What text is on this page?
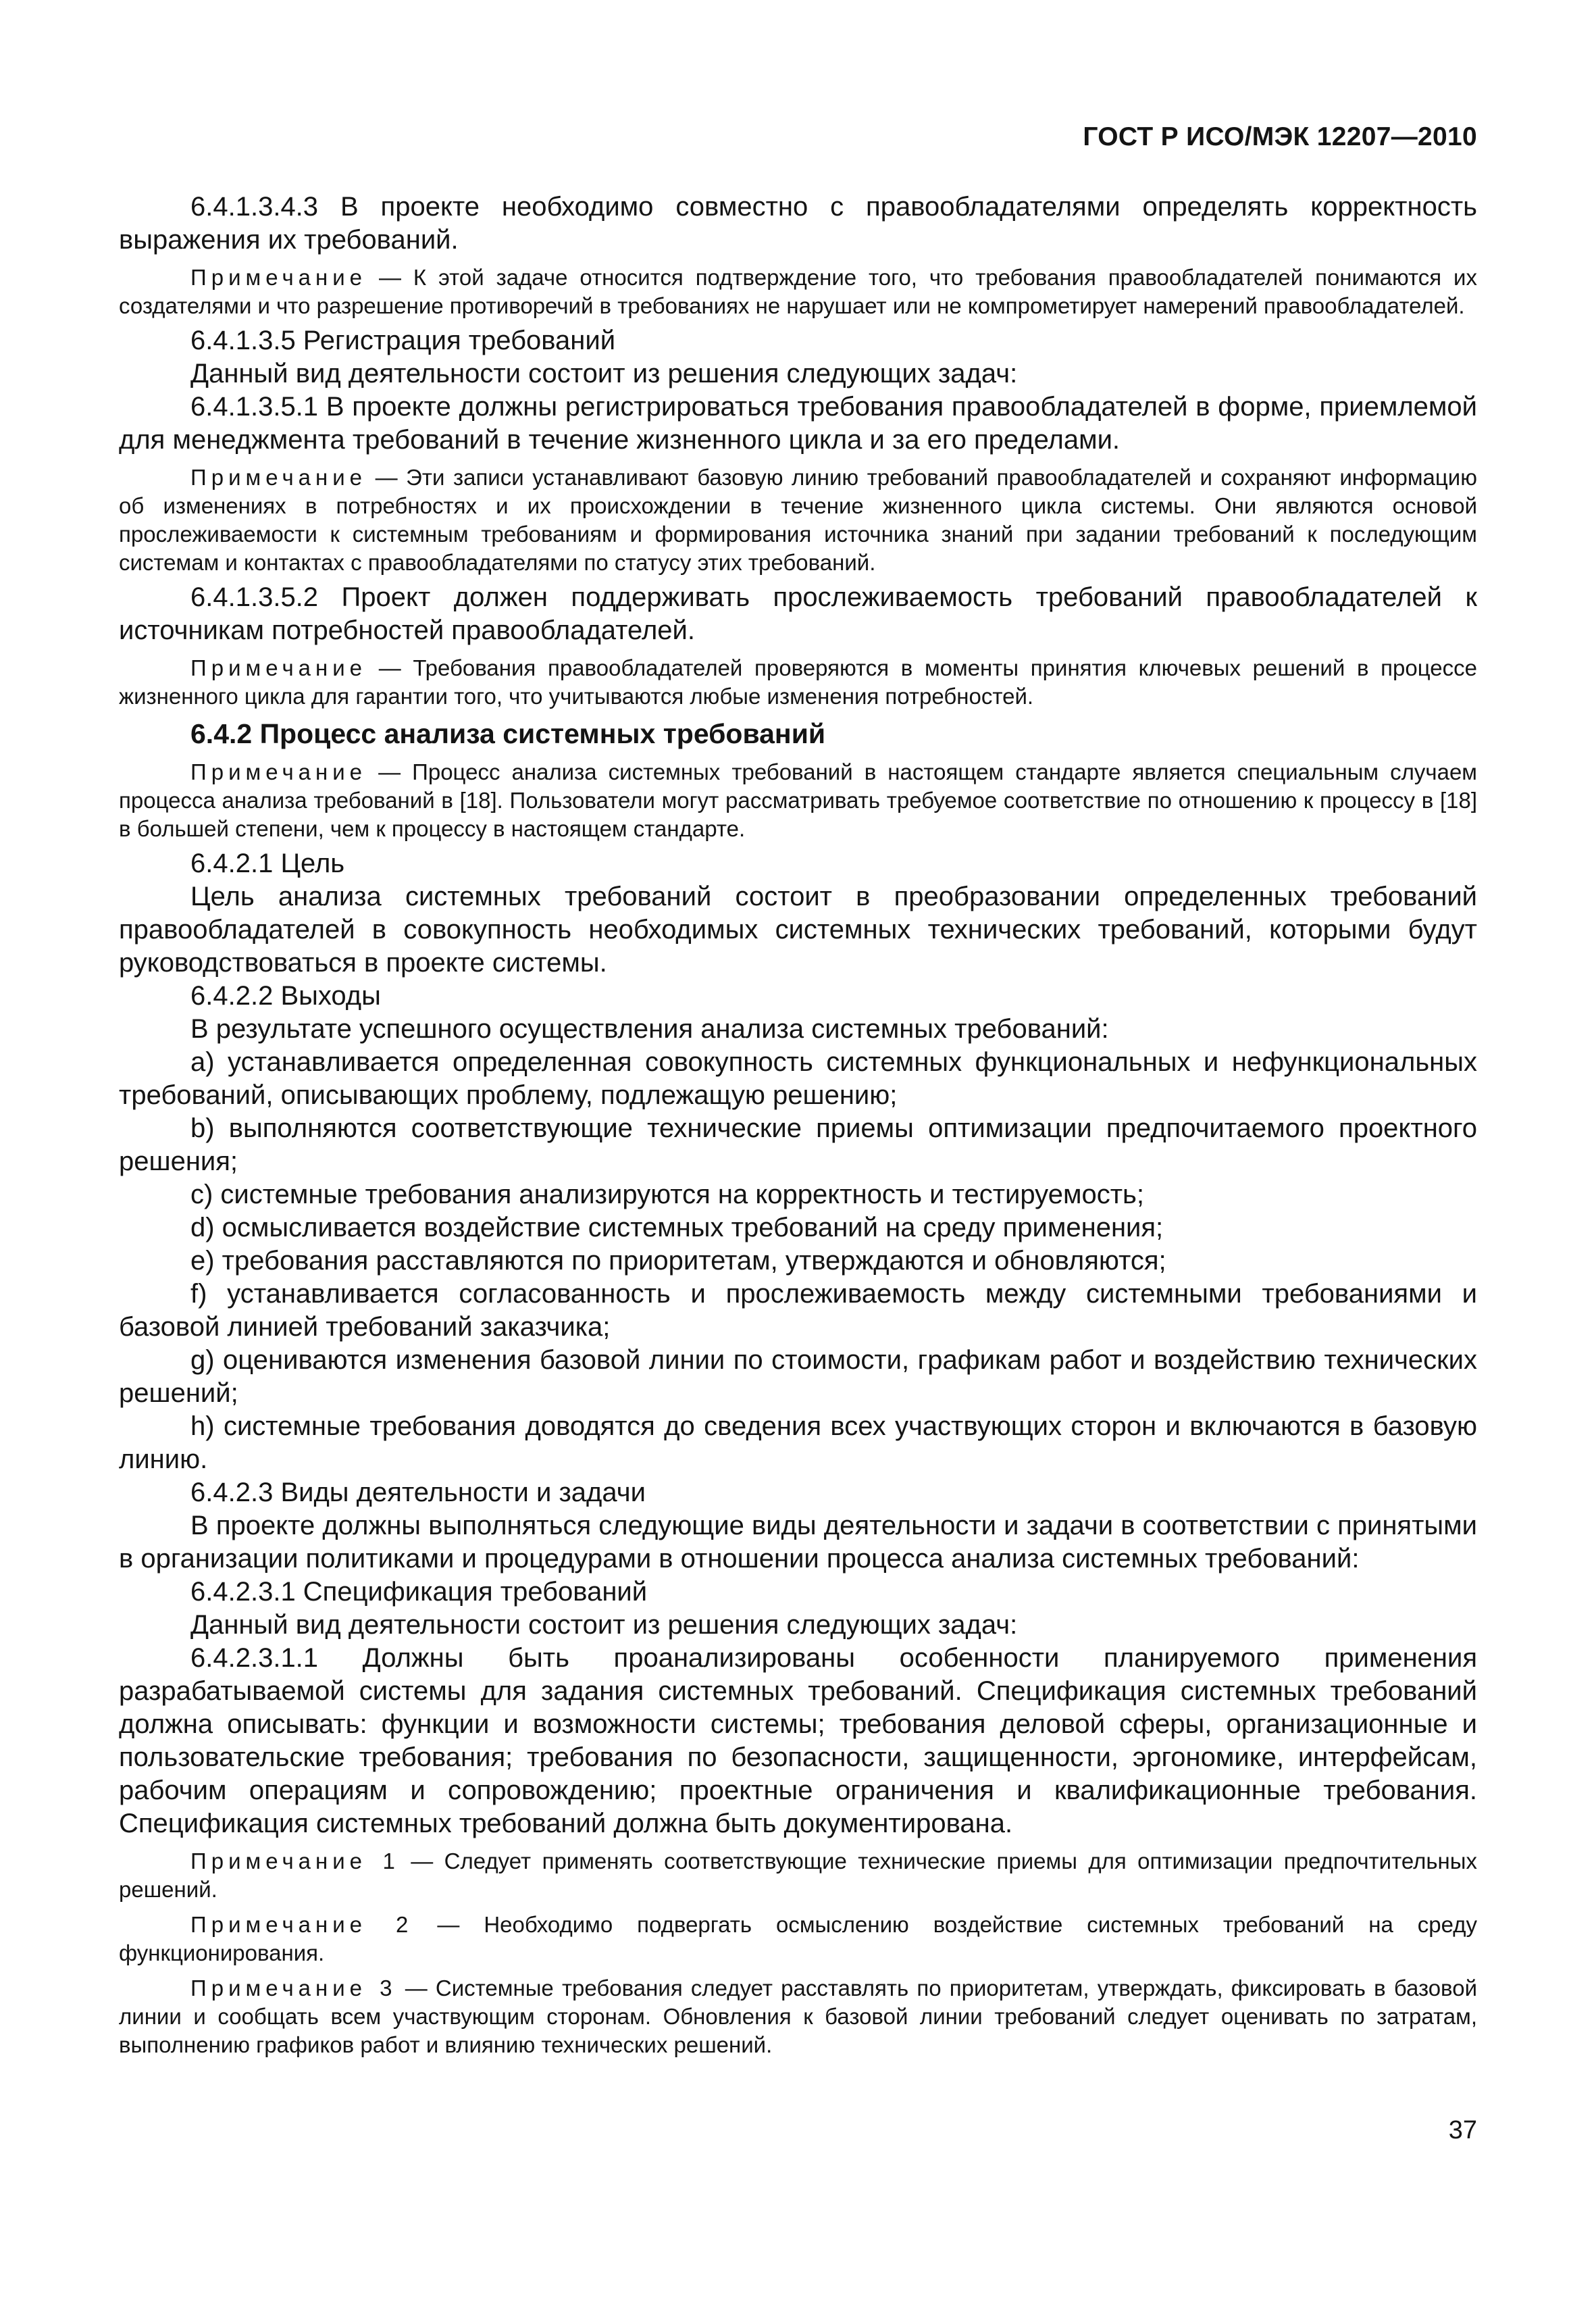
ГОСТ Р ИСО/МЭК 12207—2010

6.4.1.3.4.3 В проекте необходимо совместно с правообладателями определять корректность выражения их требований.

Примечание — К этой задаче относится подтверждение того, что требования правообладателей понимаются их создателями и что разрешение противоречий в требованиях не нарушает или не компрометирует намерений правообладателей.

6.4.1.3.5 Регистрация требований

Данный вид деятельности состоит из решения следующих задач:

6.4.1.3.5.1 В проекте должны регистрироваться требования правообладателей в форме, приемлемой для менеджмента требований в течение жизненного цикла и за его пределами.

Примечание — Эти записи устанавливают базовую линию требований правообладателей и сохраняют информацию об изменениях в потребностях и их происхождении в течение жизненного цикла системы. Они являются основой прослеживаемости к системным требованиям и формирования источника знаний при задании требований к последующим системам и контактах с правообладателями по статусу этих требований.

6.4.1.3.5.2 Проект должен поддерживать прослеживаемость требований правообладателей к источникам потребностей правообладателей.

Примечание — Требования правообладателей проверяются в моменты принятия ключевых решений в процессе жизненного цикла для гарантии того, что учитываются любые изменения потребностей.

6.4.2 Процесс анализа системных требований

Примечание — Процесс анализа системных требований в настоящем стандарте является специальным случаем процесса анализа требований в [18]. Пользователи могут рассматривать требуемое соответствие по отношению к процессу в [18] в большей степени, чем к процессу в настоящем стандарте.

6.4.2.1 Цель

Цель анализа системных требований состоит в преобразовании определенных требований правообладателей в совокупность необходимых системных технических требований, которыми будут руководствоваться в проекте системы.

6.4.2.2 Выходы

В результате успешного осуществления анализа системных требований:

a) устанавливается определенная совокупность системных функциональных и нефункциональных требований, описывающих проблему, подлежащую решению;

b) выполняются соответствующие технические приемы оптимизации предпочитаемого проектного решения;

c) системные требования анализируются на корректность и тестируемость;

d) осмысливается воздействие системных требований на среду применения;

e) требования расставляются по приоритетам, утверждаются и обновляются;

f) устанавливается согласованность и прослеживаемость между системными требованиями и базовой линией требований заказчика;

g) оцениваются изменения базовой линии по стоимости, графикам работ и воздействию технических решений;

h) системные требования доводятся до сведения всех участвующих сторон и включаются в базовую линию.

6.4.2.3 Виды деятельности и задачи

В проекте должны выполняться следующие виды деятельности и задачи в соответствии с принятыми в организации политиками и процедурами в отношении процесса анализа системных требований:

6.4.2.3.1 Спецификация требований

Данный вид деятельности состоит из решения следующих задач:

6.4.2.3.1.1 Должны быть проанализированы особенности планируемого применения разрабатываемой системы для задания системных требований. Спецификация системных требований должна описывать: функции и возможности системы; требования деловой сферы, организационные и пользовательские требования; требования по безопасности, защищенности, эргономике, интерфейсам, рабочим операциям и сопровождению; проектные ограничения и квалификационные требования. Спецификация системных требований должна быть документирована.

Примечание 1 — Следует применять соответствующие технические приемы для оптимизации предпочтительных решений.

Примечание 2 — Необходимо подвергать осмыслению воздействие системных требований на среду функционирования.

Примечание 3 — Системные требования следует расставлять по приоритетам, утверждать, фиксировать в базовой линии и сообщать всем участвующим сторонам. Обновления к базовой линии требований следует оценивать по затратам, выполнению графиков работ и влиянию технических решений.

37
